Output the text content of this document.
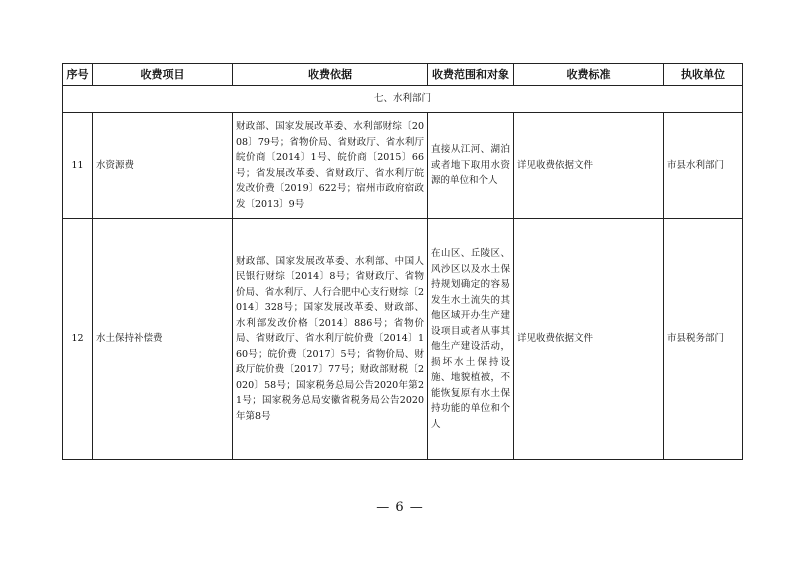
序号	收费项目	收费依据	收费范围和对象	收费标准	执收单位
七、水利部门					
11	水资源费	财政部、国家发展改革委、水利部财综〔2008〕79号；省物价局、省财政厅、省水利厅皖价商〔2014〕1号、皖价商〔2015〕66号；省发展改革委、省财政厅、省水利厅皖发改价费〔2019〕622号；宿州市政府宿政发〔2013〕9号	直接从江河、湖泊或者地下取用水资源的单位和个人	详见收费依据文件	市县水利部门
12	水土保持补偿费	财政部、国家发展改革委、水利部、中国人民银行财综〔2014〕8号；省财政厅、省物价局、省水利厅、人行合肥中心支行财综〔2014〕328号；国家发展改革委、财政部、水利部发改价格〔2014〕886号；省物价局、省财政厅、省水利厅皖价费〔2014〕160号；皖价费〔2017〕5号；省物价局、财政厅皖价费〔2017〕77号；财政部财税〔2020〕58号；国家税务总局公告2020年第21号；国家税务总局安徽省税务局公告2020年第8号	在山区、丘陵区、风沙区以及水土保持规划确定的容易发生水土流失的其他区域开办生产建设项目或者从事其他生产建设活动，损坏水土保持设施、地貌植被，不能恢复原有水土保持功能的单位和个人	详见收费依据文件	市县税务部门
— 6 —
